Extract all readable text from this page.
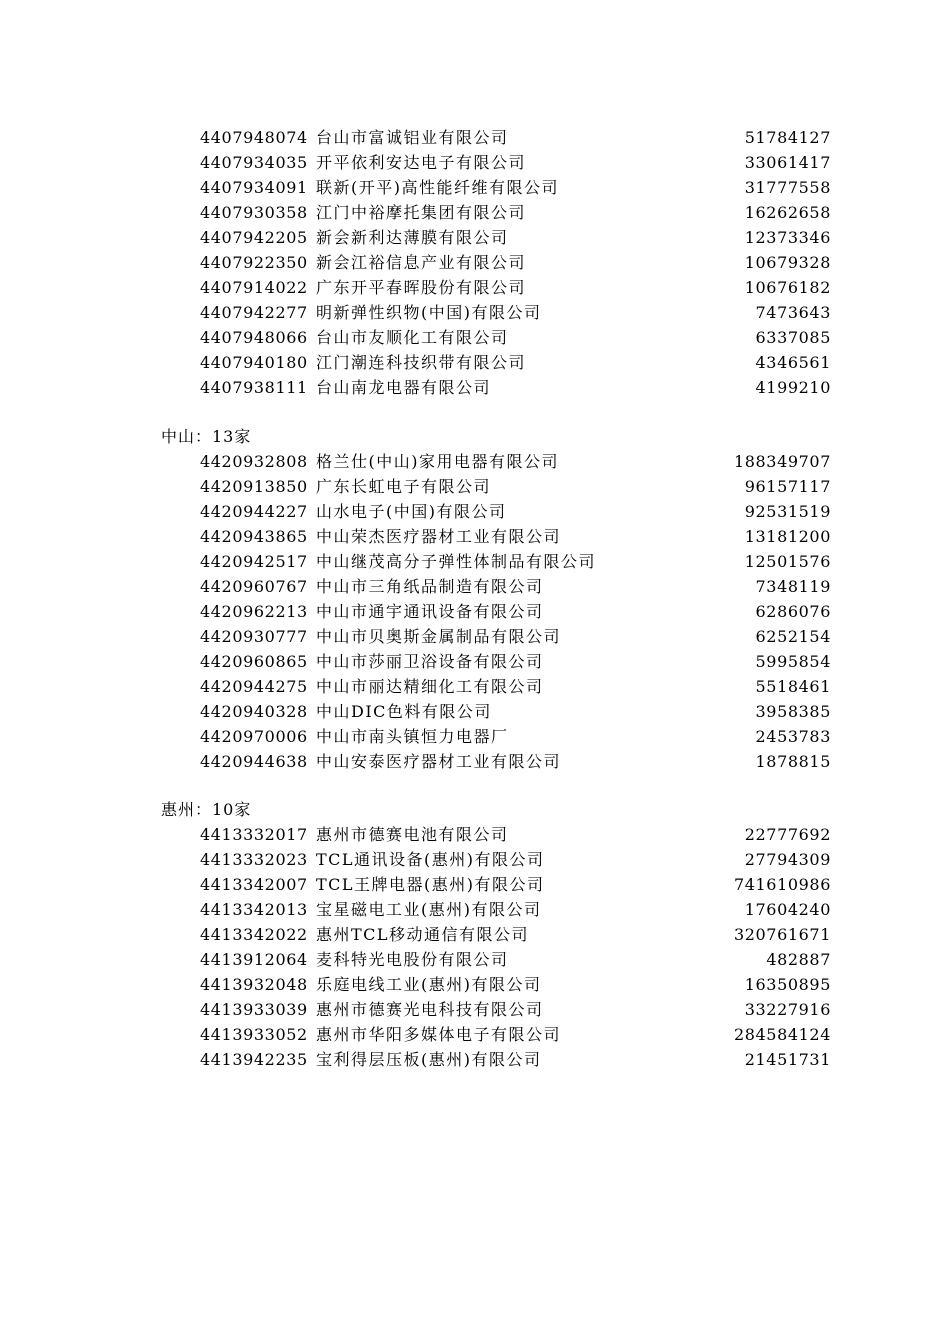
4407948074 台山市富诚铝业有限公司	51784127
4407934035 开平依利安达电子有限公司	33061417
4407934091 联新(开平)高性能纤维有限公司	31777558
4407930358 江门中裕摩托集团有限公司	16262658
4407942205 新会新利达薄膜有限公司	12373346
4407922350 新会江裕信息产业有限公司	10679328
4407914022 广东开平春晖股份有限公司	10676182
4407942277 明新弹性织物(中国)有限公司	7473643
4407948066 台山市友顺化工有限公司	6337085
4407940180 江门潮连科技织带有限公司	4346561
4407938111 台山南龙电器有限公司	4199210
中山：13家
4420932808 格兰仕(中山)家用电器有限公司	188349707
4420913850 广东长虹电子有限公司	96157117
4420944227 山水电子(中国)有限公司	92531519
4420943865 中山荣杰医疗器材工业有限公司	13181200
4420942517 中山继茂高分子弹性体制品有限公司	12501576
4420960767 中山市三角纸品制造有限公司	7348119
4420962213 中山市通宇通讯设备有限公司	6286076
4420930777 中山市贝奥斯金属制品有限公司	6252154
4420960865 中山市莎丽卫浴设备有限公司	5995854
4420944275 中山市丽达精细化工有限公司	5518461
4420940328 中山DIC色料有限公司	3958385
4420970006 中山市南头镇恒力电器厂	2453783
4420944638 中山安泰医疗器材工业有限公司	1878815
惠州：10家
4413332017 惠州市德赛电池有限公司	22777692
4413332023 TCL通讯设备(惠州)有限公司	27794309
4413342007 TCL王牌电器(惠州)有限公司	741610986
4413342013 宝星磁电工业(惠州)有限公司	17604240
4413342022 惠州TCL移动通信有限公司	320761671
4413912064 麦科特光电股份有限公司	482887
4413932048 乐庭电线工业(惠州)有限公司	16350895
4413933039 惠州市德赛光电科技有限公司	33227916
4413933052 惠州市华阳多媒体电子有限公司	284584124
4413942235 宝利得层压板(惠州)有限公司	21451731
